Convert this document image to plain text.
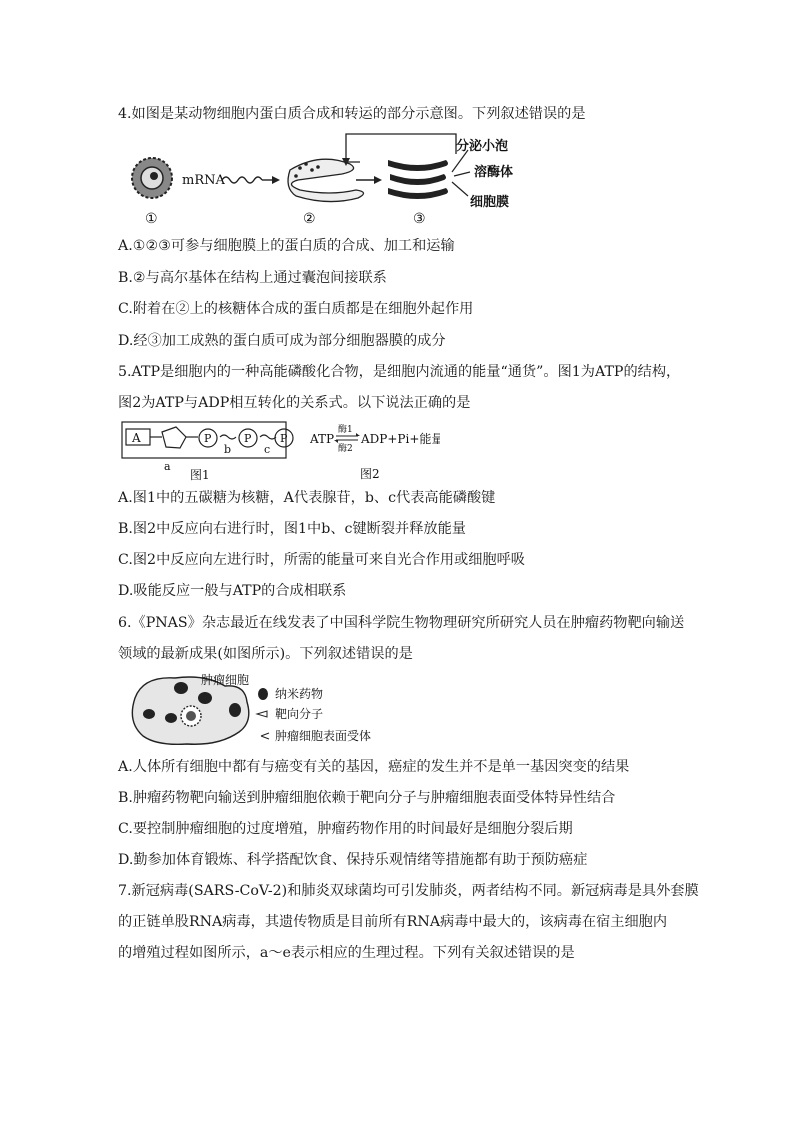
4.如图是某动物细胞内蛋白质合成和转运的部分示意图。下列叙述错误的是
mRNA
分泌小泡
溶酶体
细胞膜
①	②	③
A.①②③可参与细胞膜上的蛋白质的合成、加工和运输
B.②与高尔基体在结构上通过囊泡间接联系
C.附着在②上的核糖体合成的蛋白质都是在细胞外起作用
D.经③加工成熟的蛋白质可成为部分细胞器膜的成分
5.ATP是细胞内的一种高能磷酸化合物，是细胞内流通的能量“通货”。图1为ATP的结构，
图2为ATP与ADP相互转化的关系式。以下说法正确的是
A	P	P	P
a
b	c
图1
ATP
酶1
酶2
ADP+Pi+能量
图2
A.图1中的五碳糖为核糖，A代表腺苷，b、c代表高能磷酸键
B.图2中反应向右进行时，图1中b、c键断裂并释放能量
C.图2中反应向左进行时，所需的能量可来自光合作用或细胞呼吸
D.吸能反应一般与ATP的合成相联系
6.《PNAS》杂志最近在线发表了中国科学院生物物理研究所研究人员在肿瘤药物靶向输送
领域的最新成果(如图所示)。下列叙述错误的是
肿瘤细胞
纳米药物
靶向分子
肿瘤细胞表面受体
A.人体所有细胞中都有与癌变有关的基因，癌症的发生并不是单一基因突变的结果
B.肿瘤药物靶向输送到肿瘤细胞依赖于靶向分子与肿瘤细胞表面受体特异性结合
C.要控制肿瘤细胞的过度增殖，肿瘤药物作用的时间最好是细胞分裂后期
D.勤参加体育锻炼、科学搭配饮食、保持乐观情绪等措施都有助于预防癌症
7.新冠病毒(SARS-CoV-2)和肺炎双球菌均可引发肺炎，两者结构不同。新冠病毒是具外套膜
的正链单股RNA病毒，其遗传物质是目前所有RNA病毒中最大的，该病毒在宿主细胞内
的增殖过程如图所示，a～e表示相应的生理过程。下列有关叙述错误的是
